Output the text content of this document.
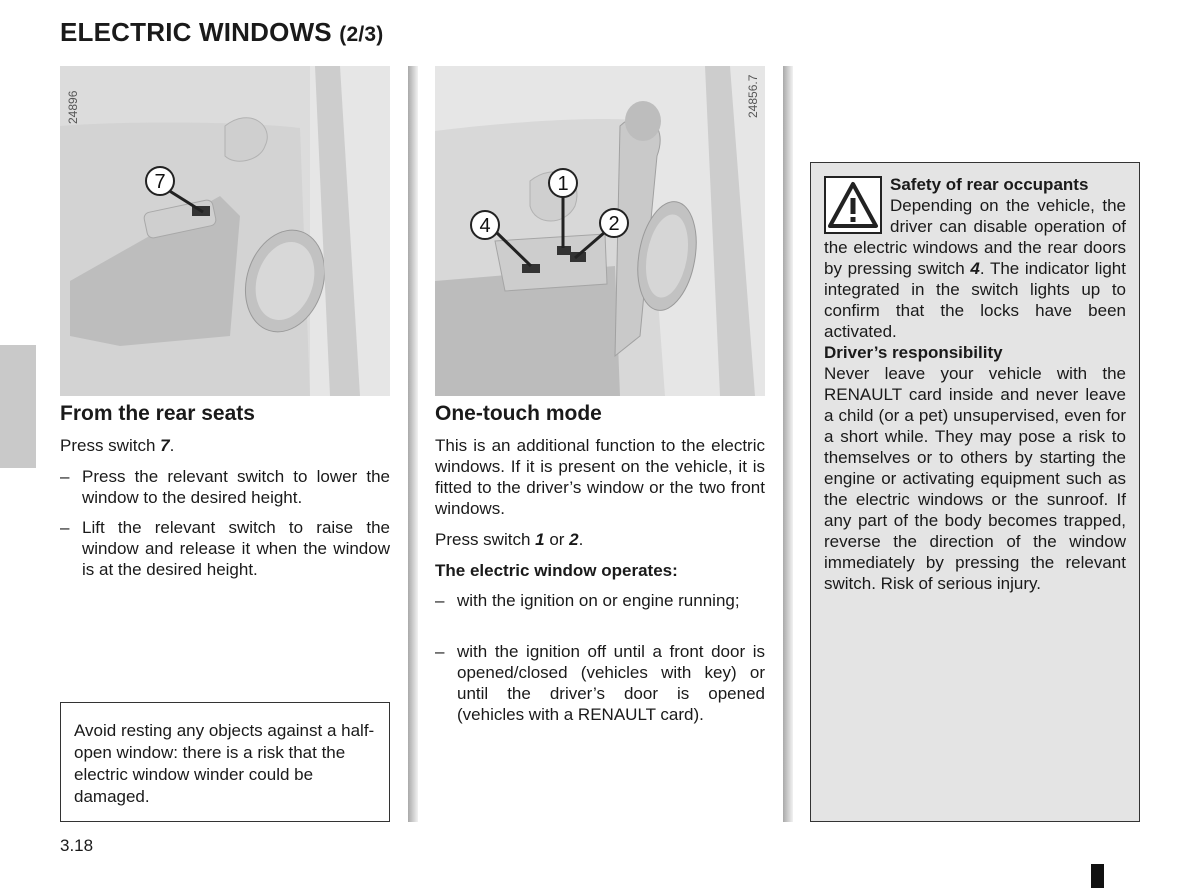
ELECTRIC WINDOWS (2/3)
24896
7
From the rear seats
Press switch 7.
– Press the relevant switch to lower the window to the desired height.
– Lift the relevant switch to raise the window and release it when the window is at the desired height.
Avoid resting any objects against a half-open window: there is a risk that the electric window winder could be damaged.
24856.7
1
4	2
One-touch mode
This is an additional function to the electric windows. If it is present on the vehicle, it is fitted to the driver’s window or the two front windows.
Press switch 1 or 2.
The electric window operates:
– with the ignition on or engine running;
– with the ignition off until a front door is opened/closed (vehicles with key) or until the driver’s door is opened (vehicles with a RENAULT card).

Safety of rear occupants

Depending on the vehicle, the driver can disable operation of the electric windows and the rear doors by pressing switch 4. The indicator light integrated in the switch lights up to confirm that the locks have been activated.

Driver’s responsibility

Never leave your vehicle with the RENAULT card inside and never leave a child (or a pet) unsupervised, even for a short while. They may pose a risk to themselves or to others by starting the engine or activating equipment such as the electric windows or the sunroof. If any part of the body becomes trapped, reverse the direction of the window immediately by pressing the relevant switch. Risk of serious injury.

3.18
